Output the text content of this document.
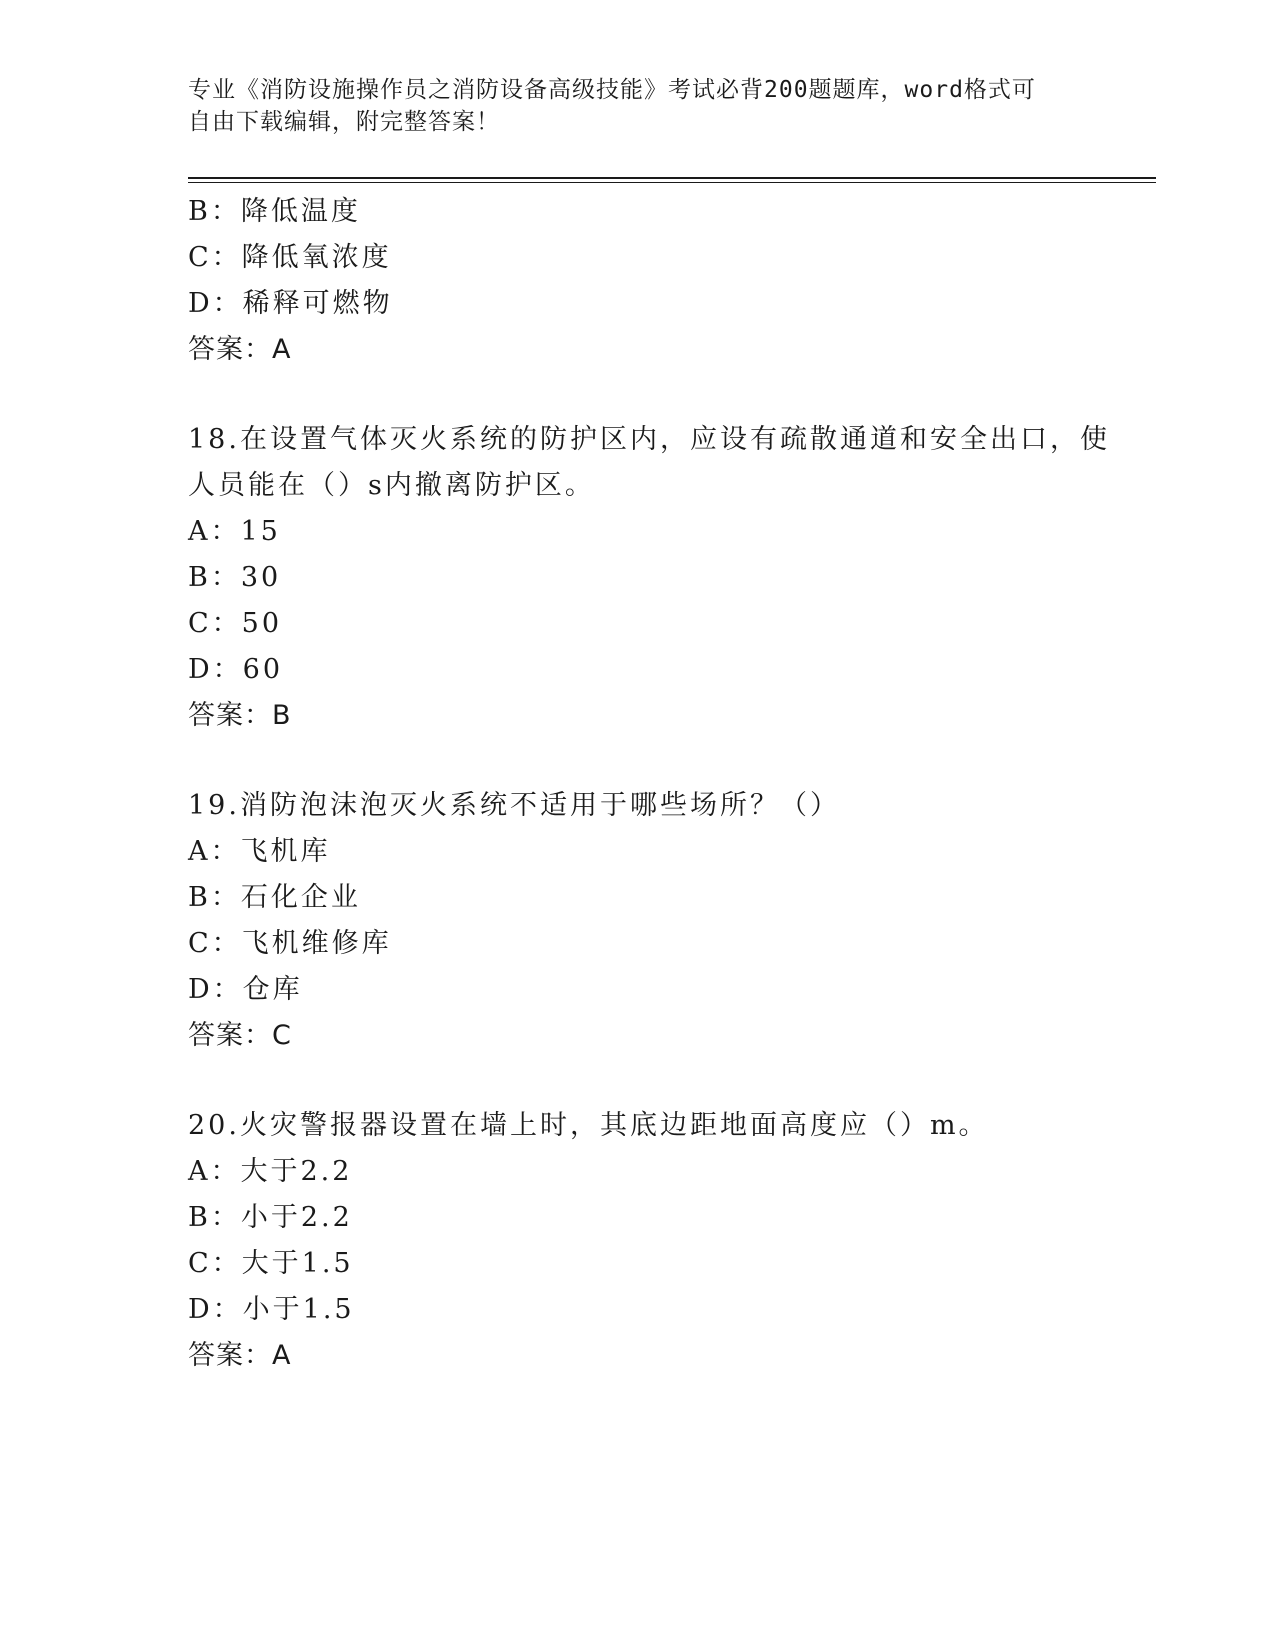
专业《消防设施操作员之消防设备高级技能》考试必背200题题库，word格式可

自由下载编辑，附完整答案！

B：降低温度
C：降低氧浓度
D：稀释可燃物
答案：A
18.在设置气体灭火系统的防护区内，应设有疏散通道和安全出口，使
人员能在（）s内撤离防护区。
A：15
B：30
C：50
D：60
答案：B
19.消防泡沫泡灭火系统不适用于哪些场所？（）
A：飞机库
B：石化企业
C：飞机维修库
D：仓库
答案：C
20.火灾警报器设置在墙上时，其底边距地面高度应（）m。
A：大于2.2
B：小于2.2
C：大于1.5
D：小于1.5
答案：A
